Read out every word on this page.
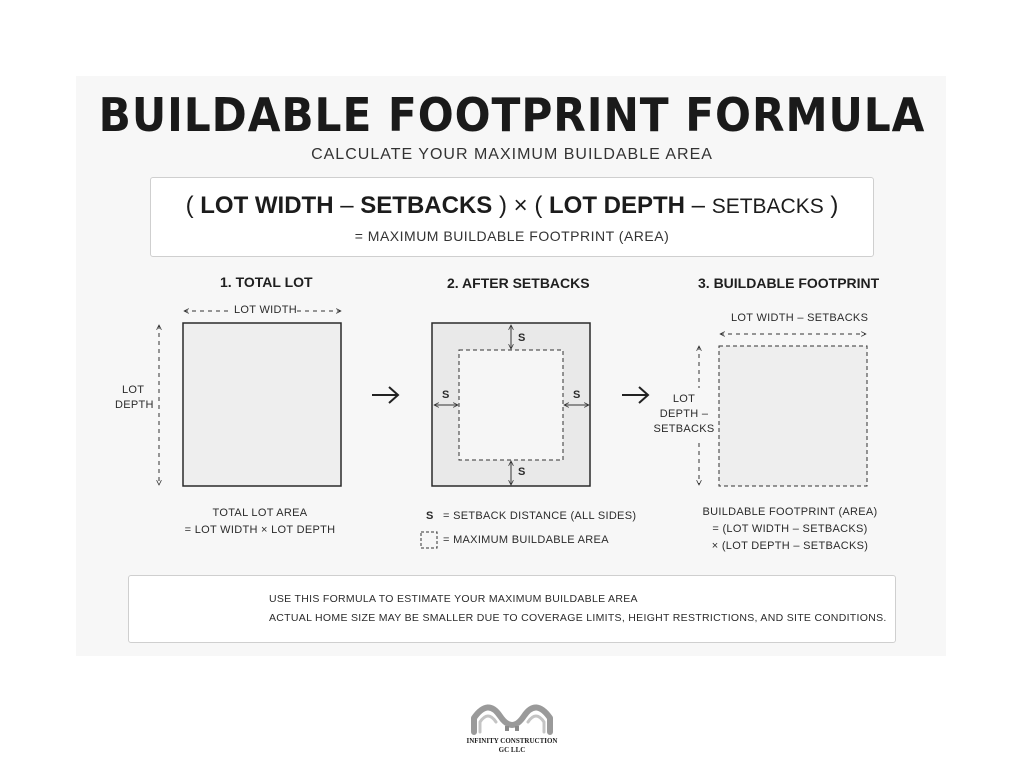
BUILDABLE FOOTPRINT FORMULA
CALCULATE YOUR MAXIMUM BUILDABLE AREA
( LOT WIDTH – SETBACKS ) × ( LOT DEPTH – SETBACKS )
= MAXIMUM BUILDABLE FOOTPRINT (AREA)
1. TOTAL LOT	2. AFTER SETBACKS	3. BUILDABLE FOOTPRINT
LOT WIDTH
LOT
DEPTH
TOTAL LOT AREA
= LOT WIDTH × LOT DEPTH
S
S	S
S
S = SETBACK DISTANCE (ALL SIDES)
= MAXIMUM BUILDABLE AREA
LOT WIDTH – SETBACKS
LOT
DEPTH –
SETBACKS
BUILDABLE FOOTPRINT (AREA)
= (LOT WIDTH – SETBACKS)
× (LOT DEPTH – SETBACKS)
USE THIS FORMULA TO ESTIMATE YOUR MAXIMUM BUILDABLE AREA
ACTUAL HOME SIZE MAY BE SMALLER DUE TO COVERAGE LIMITS, HEIGHT RESTRICTIONS, AND SITE CONDITIONS.
INFINITY CONSTRUCTION
GC LLC
